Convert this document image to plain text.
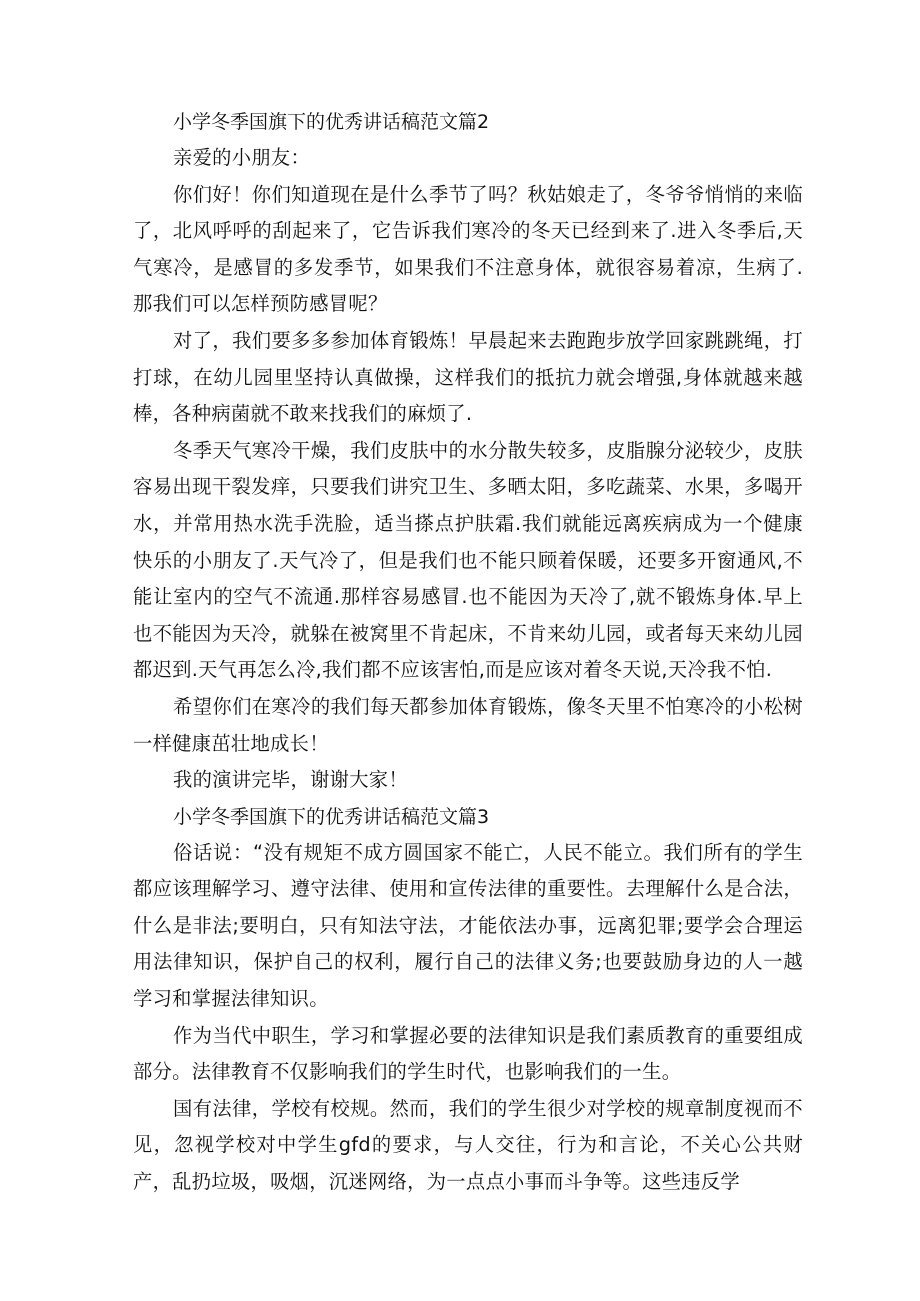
小学冬季国旗下的优秀讲话稿范文篇2

亲爱的小朋友：

你们好！你们知道现在是什么季节了吗？秋姑娘走了，冬爷爷悄悄的来临了，北风呼呼的刮起来了，它告诉我们寒冷的冬天已经到来了.进入冬季后,天气寒冷，是感冒的多发季节，如果我们不注意身体，就很容易着凉，生病了.那我们可以怎样预防感冒呢？

对了，我们要多多参加体育锻炼！早晨起来去跑跑步放学回家跳跳绳，打打球，在幼儿园里坚持认真做操，这样我们的抵抗力就会增强,身体就越来越棒，各种病菌就不敢来找我们的麻烦了.

冬季天气寒冷干燥，我们皮肤中的水分散失较多，皮脂腺分泌较少，皮肤容易出现干裂发痒，只要我们讲究卫生、多晒太阳，多吃蔬菜、水果，多喝开水，并常用热水洗手洗脸，适当搽点护肤霜.我们就能远离疾病成为一个健康快乐的小朋友了.天气冷了，但是我们也不能只顾着保暖，还要多开窗通风,不能让室内的空气不流通.那样容易感冒.也不能因为天冷了,就不锻炼身体.早上也不能因为天冷，就躲在被窝里不肯起床，不肯来幼儿园，或者每天来幼儿园都迟到.天气再怎么冷,我们都不应该害怕,而是应该对着冬天说,天冷我不怕.

希望你们在寒冷的我们每天都参加体育锻炼，像冬天里不怕寒冷的小松树一样健康茁壮地成长！

我的演讲完毕，谢谢大家！

小学冬季国旗下的优秀讲话稿范文篇3

俗话说：“没有规矩不成方圆国家不能亡，人民不能立。我们所有的学生都应该理解学习、遵守法律、使用和宣传法律的重要性。去理解什么是合法，什么是非法;要明白，只有知法守法，才能依法办事，远离犯罪;要学会合理运用法律知识，保护自己的权利，履行自己的法律义务;也要鼓励身边的人一越学习和掌握法律知识。

作为当代中职生，学习和掌握必要的法律知识是我们素质教育的重要组成部分。法律教育不仅影响我们的学生时代，也影响我们的一生。

国有法律，学校有校规。然而，我们的学生很少对学校的规章制度视而不见，忽视学校对中学生gfd的要求，与人交往，行为和言论，不关心公共财产，乱扔垃圾，吸烟，沉迷网络，为一点点小事而斗争等。这些违反学
